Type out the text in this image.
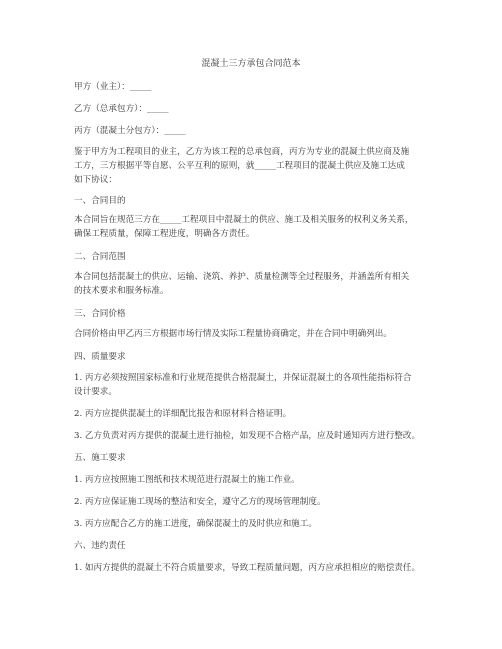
混凝土三方承包合同范本
甲方（业主）：_____
乙方（总承包方）：_____
丙方（混凝土分包方）：_____
鉴于甲方为工程项目的业主，乙方为该工程的总承包商，丙方为专业的混凝土供应商及施
工方，三方根据平等自愿、公平互利的原则，就_____工程项目的混凝土供应及施工达成
如下协议：
一、合同目的
本合同旨在规范三方在_____工程项目中混凝土的供应、施工及相关服务的权利义务关系，
确保工程质量，保障工程进度，明确各方责任。
二、合同范围
本合同包括混凝土的供应、运输、浇筑、养护、质量检测等全过程服务，并涵盖所有相关
的技术要求和服务标准。
三、合同价格
合同价格由甲乙丙三方根据市场行情及实际工程量协商确定，并在合同中明确列出。
四、质量要求
1. 丙方必须按照国家标准和行业规范提供合格混凝土，并保证混凝土的各项性能指标符合
设计要求。
2. 丙方应提供混凝土的详细配比报告和原材料合格证明。
3. 乙方负责对丙方提供的混凝土进行抽检，如发现不合格产品，应及时通知丙方进行整改。
五、施工要求
1. 丙方应按照施工图纸和技术规范进行混凝土的施工作业。
2. 丙方应保证施工现场的整洁和安全，遵守乙方的现场管理制度。
3. 丙方应配合乙方的施工进度，确保混凝土的及时供应和施工。
六、违约责任
1. 如丙方提供的混凝土不符合质量要求，导致工程质量问题，丙方应承担相应的赔偿责任。
